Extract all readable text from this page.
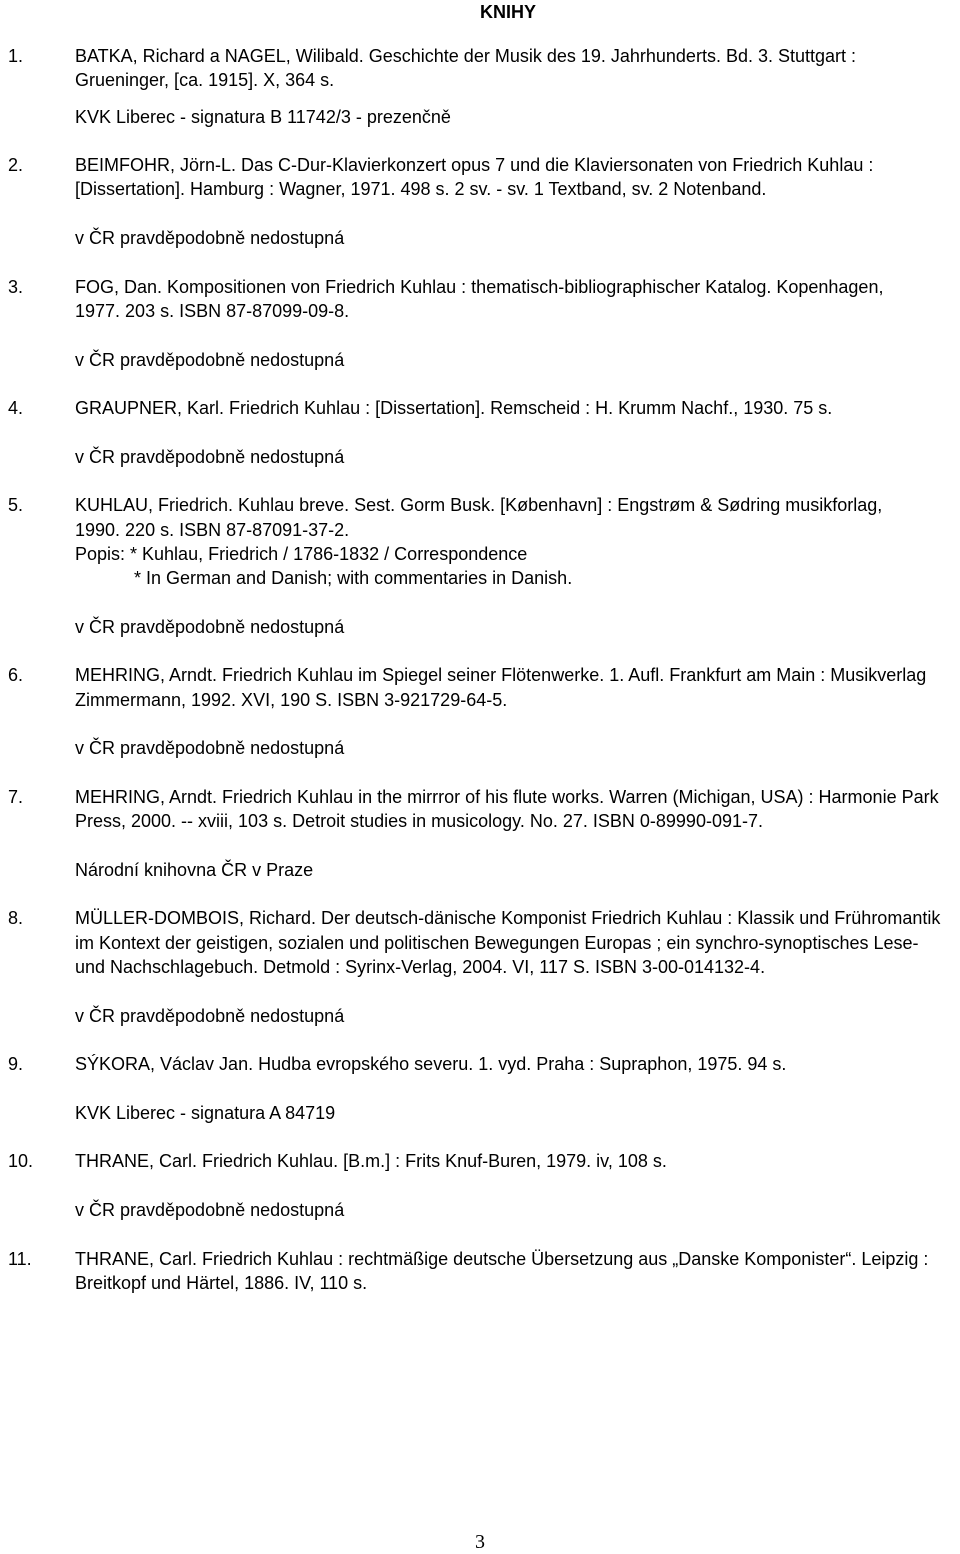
KNIHY
1.	BATKA, Richard a NAGEL, Wilibald. Geschichte der Musik des 19. Jahrhunderts. Bd. 3. Stuttgart : Grueninger, [ca. 1915]. X, 364 s.
KVK Liberec - signatura B 11742/3 - prezenčně
2.	BEIMFOHR, Jörn-L. Das C-Dur-Klavierkonzert opus 7 und die Klaviersonaten von Friedrich Kuhlau : [Dissertation]. Hamburg : Wagner, 1971. 498 s. 2 sv. - sv. 1 Textband, sv. 2 Notenband.
v ČR pravděpodobně nedostupná
3.	FOG, Dan. Kompositionen von Friedrich Kuhlau : thematisch-bibliographischer Katalog. Kopenhagen, 1977. 203 s. ISBN 87-87099-09-8.
v ČR pravděpodobně nedostupná
4.	GRAUPNER, Karl. Friedrich Kuhlau : [Dissertation]. Remscheid : H. Krumm Nachf., 1930. 75 s.
v ČR pravděpodobně nedostupná
5.	KUHLAU, Friedrich. Kuhlau breve. Sest. Gorm Busk. [København] : Engstrøm & Sødring musikforlag, 1990. 220 s. ISBN 87-87091-37-2.
Popis: * Kuhlau, Friedrich / 1786-1832 / Correspondence
* In German and Danish; with commentaries in Danish.
v ČR pravděpodobně nedostupná
6.	MEHRING, Arndt. Friedrich Kuhlau im Spiegel seiner Flötenwerke. 1. Aufl. Frankfurt am Main : Musikverlag Zimmermann, 1992. XVI, 190 S. ISBN 3-921729-64-5.
v ČR pravděpodobně nedostupná
7.	MEHRING, Arndt. Friedrich Kuhlau in the mirrror of his flute works. Warren (Michigan, USA) : Harmonie Park Press, 2000. -- xviii, 103 s. Detroit studies in musicology. No. 27. ISBN 0-89990-091-7.
Národní knihovna ČR v Praze
8.	MÜLLER-DOMBOIS, Richard. Der deutsch-dänische Komponist Friedrich Kuhlau : Klassik und Frühromantik im Kontext der geistigen, sozialen und politischen Bewegungen Europas ; ein synchro-synoptisches Lese- und Nachschlagebuch. Detmold : Syrinx-Verlag, 2004. VI, 117 S. ISBN 3-00-014132-4.
v ČR pravděpodobně nedostupná
9.	SÝKORA, Václav Jan. Hudba evropského severu. 1. vyd. Praha : Supraphon, 1975. 94 s.
KVK Liberec - signatura A 84719
10. THRANE, Carl. Friedrich Kuhlau. [B.m.] : Frits Knuf-Buren, 1979. iv, 108 s.
v ČR pravděpodobně nedostupná
11. THRANE, Carl. Friedrich Kuhlau : rechtmäßige deutsche Übersetzung aus „Danske Komponister“. Leipzig : Breitkopf und Härtel, 1886. IV, 110 s.
3
